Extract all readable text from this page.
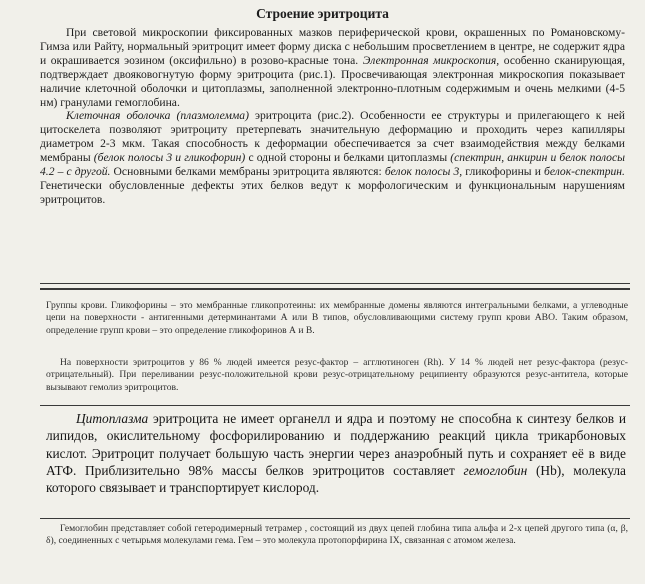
Строение эритроцита

При световой микроскопии фиксированных мазков периферической крови, окрашенных по Романовскому-Гимза или Райту, нормальный эритроцит имеет форму диска с небольшим просветлением в центре, не содержит ядра и окрашивается эозином (оксифильно) в розово-красные тона. Электронная микроскопия, особенно сканирующая, подтверждает двояковогнутую форму эритроцита (рис.1). Просвечивающая электронная микроскопия показывает наличие клеточной оболочки и цитоплазмы, заполненной электронно-плотным содержимым и очень мелкими (4-5 нм) гранулами гемоглобина.

Клеточная оболочка (плазмолемма) эритроцита (рис.2). Особенности ее структуры и прилегающего к ней цитоскелета позволяют эритроциту претерпевать значительную деформацию и проходить через капилляры диаметром 2-3 мкм. Такая способность к деформации обеспечивается за счет взаимодействия между белками мембраны (белок полосы 3 и гликофорин) с одной стороны и белками цитоплазмы (спектрин, анкирин и белок полосы 4.2 – с другой. Основными белками мембраны эритроцита являются: белок полосы 3, гликофорины и белок-спектрин. Генетически обусловленные дефекты этих белков ведут к морфологическим и функциональным нарушениям эритроцитов.

Группы крови. Гликофорины – это мембранные гликопротеины: их мембранные домены являются интегральными белками, а углеводные цепи на поверхности - антигенными детерминантами А или В типов, обусловливающими систему групп крови АВО. Таким образом, определение групп крови – это определение гликофоринов А и В.

На поверхности эритроцитов у 86 % людей имеется резус-фактор – агглютиноген (Rh). У 14 % людей нет резус-фактора (резус-отрицательный). При переливании резус-положительной крови резус-отрицательному реципиенту образуются резус-антитела, которые вызывают гемолиз эритроцитов.

Цитоплазма эритроцита не имеет органелл и ядра и поэтому не способна к синтезу белков и липидов, окислительному фосфорилированию и поддержанию реакций цикла трикарбоновых кислот. Эритроцит получает большую часть энергии через анаэробный путь и сохраняет её в виде АТФ. Приблизительно 98% массы белков эритроцитов составляет гемоглобин (Hb), молекула которого связывает и транспортирует кислород.

Гемоглобин представляет собой гетеродимерный тетрамер , состоящий из двух цепей глобина типа альфа и 2-х цепей другого типа (α, β, δ), соединенных с четырьмя молекулами гема. Гем – это молекула протопорфирина IX, связанная с атомом железа.
